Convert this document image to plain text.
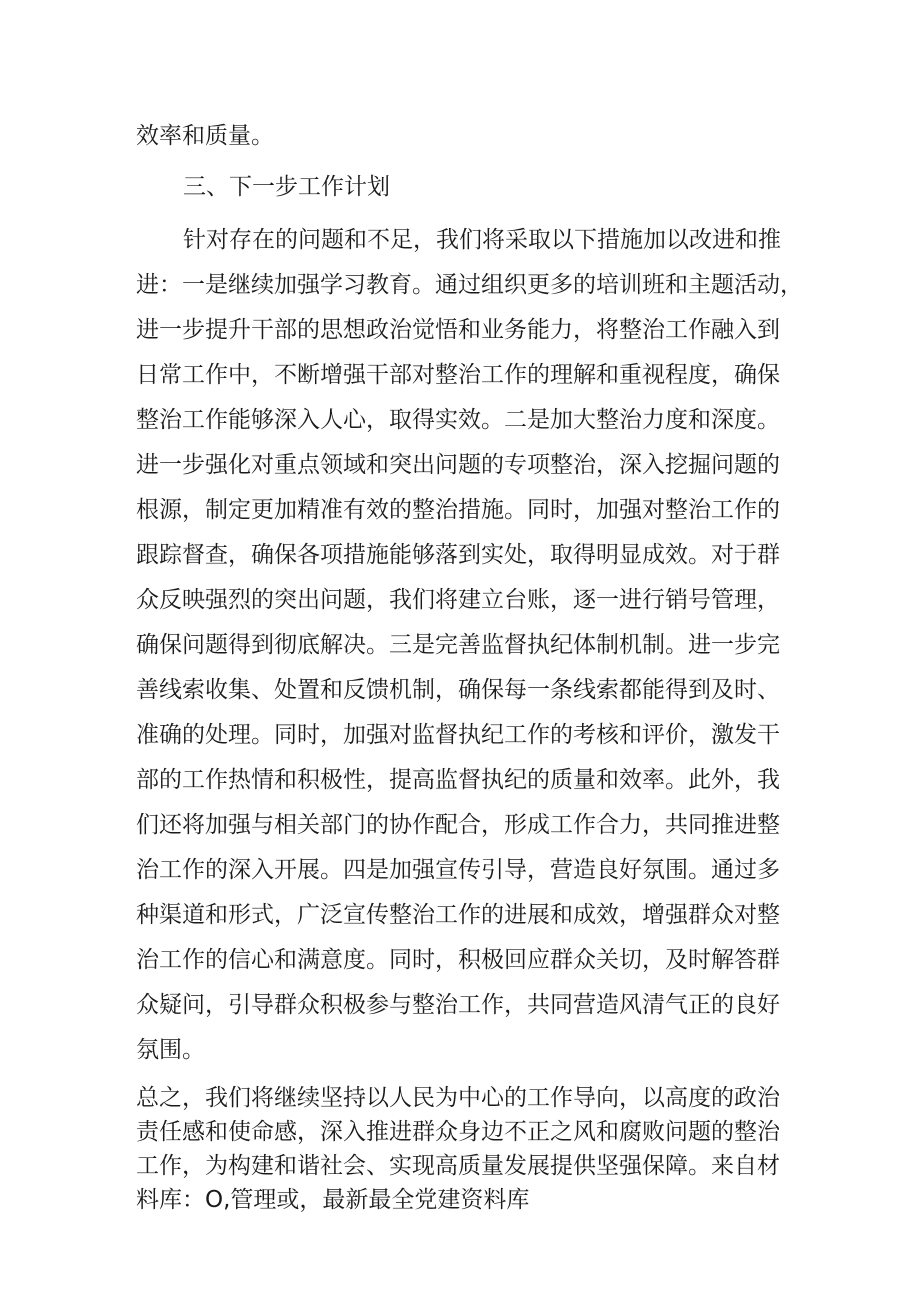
效率和质量。

三、下一步工作计划

针对存在的问题和不足，我们将采取以下措施加以改进和推

进：一是继续加强学习教育。通过组织更多的培训班和主题活动，

进一步提升干部的思想政治觉悟和业务能力，将整治工作融入到

日常工作中，不断增强干部对整治工作的理解和重视程度，确保

整治工作能够深入人心，取得实效。二是加大整治力度和深度。

进一步强化对重点领域和突出问题的专项整治，深入挖掘问题的

根源，制定更加精准有效的整治措施。同时，加强对整治工作的

跟踪督查，确保各项措施能够落到实处，取得明显成效。对于群

众反映强烈的突出问题，我们将建立台账，逐一进行销号管理，

确保问题得到彻底解决。三是完善监督执纪体制机制。进一步完

善线索收集、处置和反馈机制，确保每一条线索都能得到及时、

准确的处理。同时，加强对监督执纪工作的考核和评价，激发干

部的工作热情和积极性，提高监督执纪的质量和效率。此外，我

们还将加强与相关部门的协作配合，形成工作合力，共同推进整

治工作的深入开展。四是加强宣传引导，营造良好氛围。通过多

种渠道和形式，广泛宣传整治工作的进展和成效，增强群众对整

治工作的信心和满意度。同时，积极回应群众关切，及时解答群

众疑问，引导群众积极参与整治工作，共同营造风清气正的良好

氛围。

总之，我们将继续坚持以人民为中心的工作导向，以高度的政治

责任感和使命感，深入推进群众身边不正之风和腐败问题的整治

工作，为构建和谐社会、实现高质量发展提供坚强保障。来自材

料库：O,管理或，最新最全党建资料库
